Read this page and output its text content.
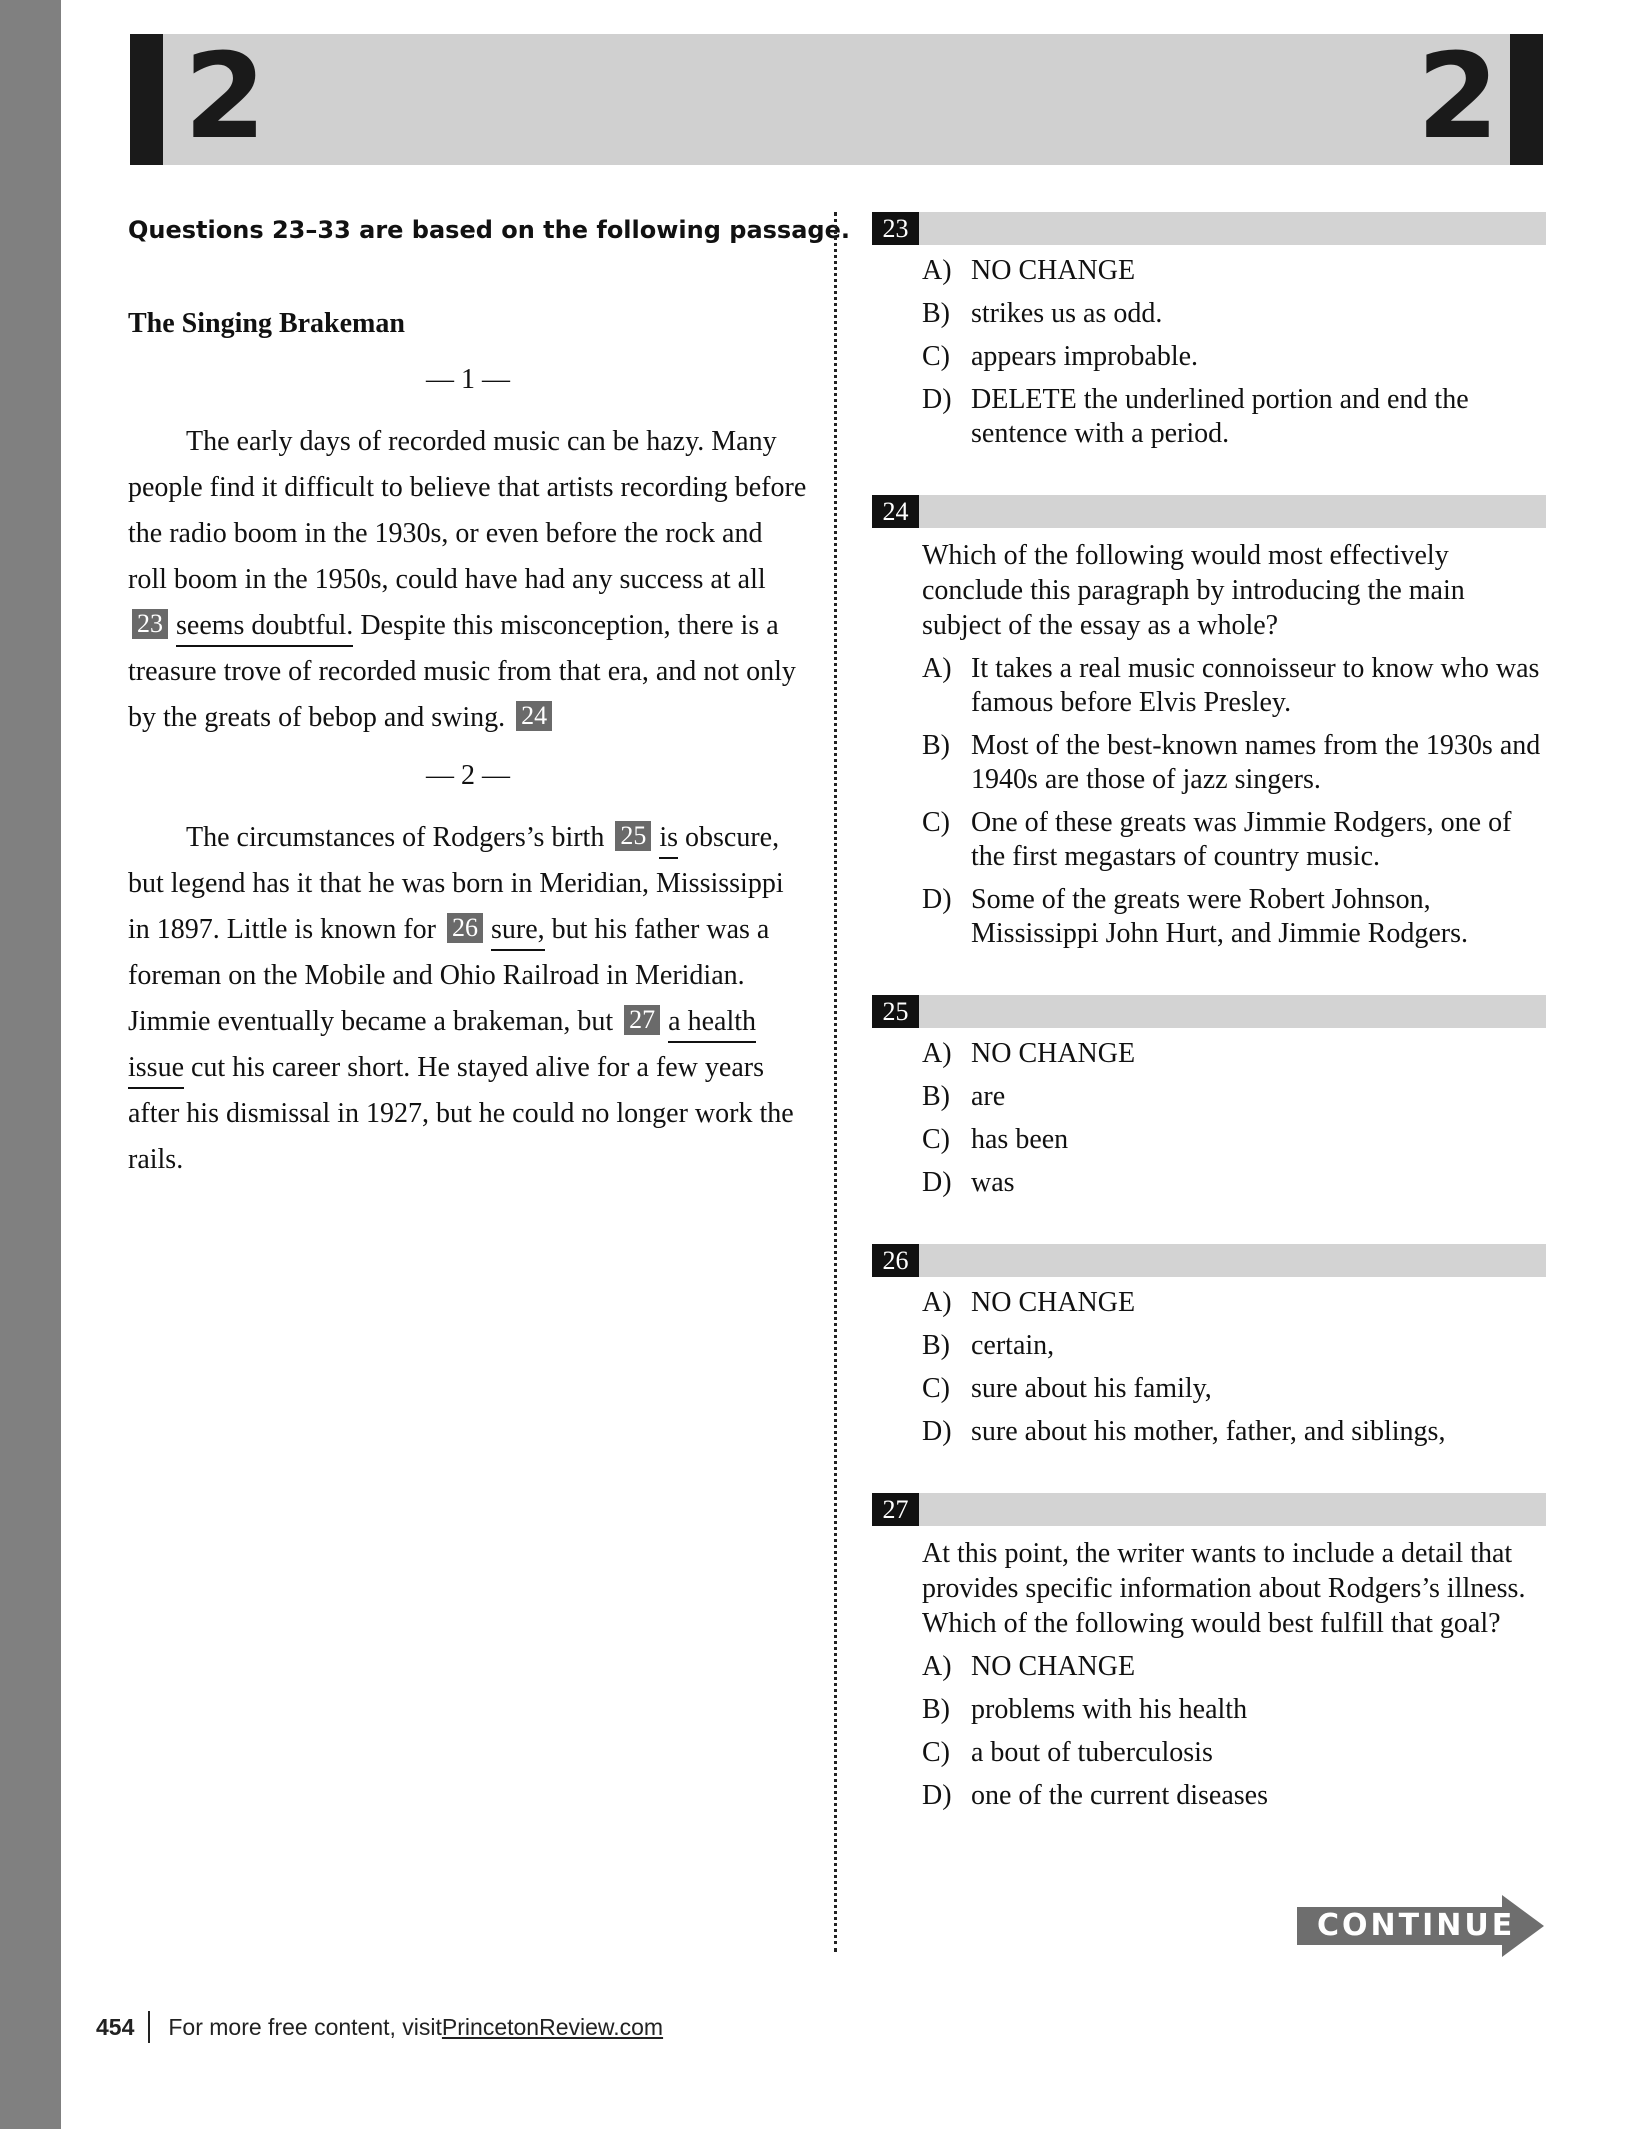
2	2

Questions 23–33 are based on the following passage.

The Singing Brakeman

— 1 —

The early days of recorded music can be hazy. Many people find it difficult to believe that artists recording before the radio boom in the 1930s, or even before the rock and roll boom in the 1950s, could have had any success at all 23 seems doubtful. Despite this misconception, there is a treasure trove of recorded music from that era, and not only by the greats of bebop and swing. 24

— 2 —

The circumstances of Rodgers’s birth 25 is obscure, but legend has it that he was born in Meridian, Mississippi in 1897. Little is known for 26 sure, but his father was a foreman on the Mobile and Ohio Railroad in Meridian. Jimmie eventually became a brakeman, but 27 a health issue cut his career short. He stayed alive for a few years after his dismissal in 1927, but he could no longer work the rails.

23
A) NO CHANGE
B) strikes us as odd.
C) appears improbable.
D) DELETE the underlined portion and end the sentence with a period.
24
Which of the following would most effectively conclude this paragraph by introducing the main subject of the essay as a whole?
A) It takes a real music connoisseur to know who was famous before Elvis Presley.
B) Most of the best-known names from the 1930s and 1940s are those of jazz singers.
C) One of these greats was Jimmie Rodgers, one of the first megastars of country music.
D) Some of the greats were Robert Johnson, Mississippi John Hurt, and Jimmie Rodgers.
25
A) NO CHANGE
B) are
C) has been
D) was
26
A) NO CHANGE
B) certain,
C) sure about his family,
D) sure about his mother, father, and siblings,
27
At this point, the writer wants to include a detail that provides specific information about Rodgers’s illness. Which of the following would best fulfill that goal?
A) NO CHANGE
B) problems with his health
C) a bout of tuberculosis
D) one of the current diseases
CONTINUE
454 For more free content, visit PrincetonReview.com
